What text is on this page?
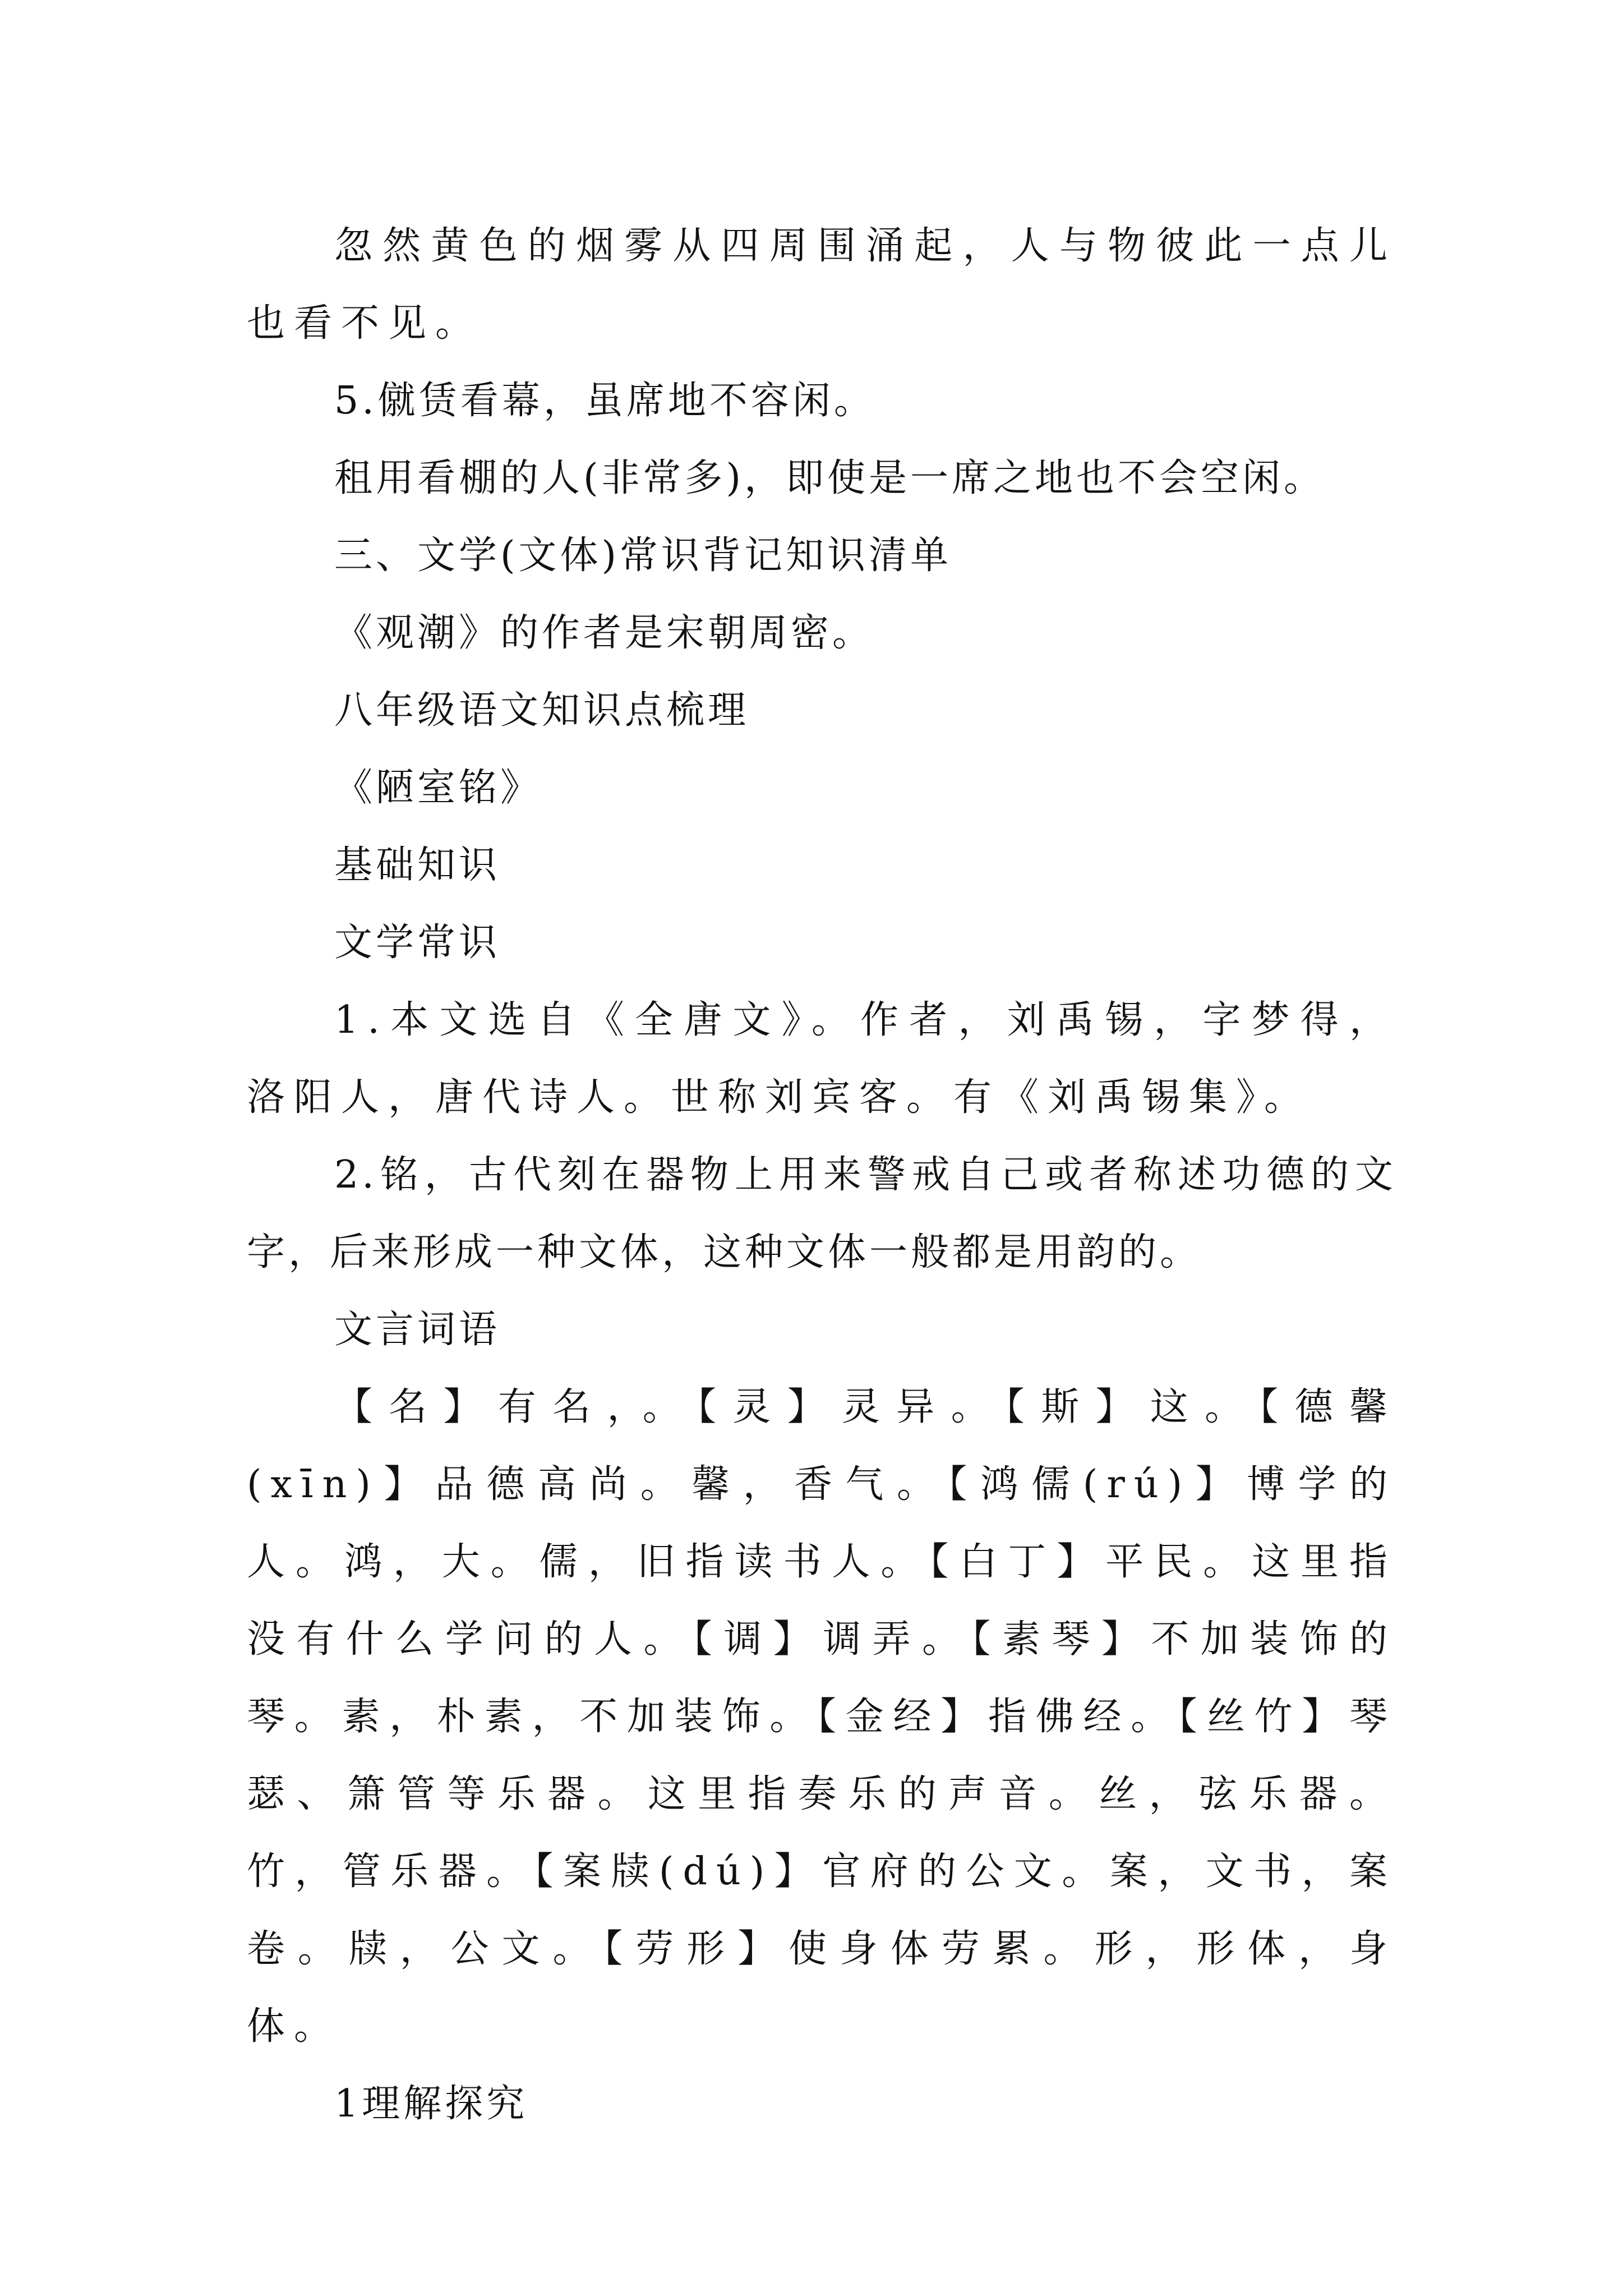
忽然黄色的烟雾从四周围涌起，人与物彼此一点儿也看不见。

5.僦赁看幕，虽席地不容闲。

租用看棚的人(非常多)，即使是一席之地也不会空闲。

三、文学(文体)常识背记知识清单

《观潮》的作者是宋朝周密。

八年级语文知识点梳理

《陋室铭》

基础知识

文学常识

1.本文选自《全唐文》。作者，刘禹锡，字梦得，洛阳人，唐代诗人。世称刘宾客。有《刘禹锡集》。

2.铭，古代刻在器物上用来警戒自己或者称述功德的文字，后来形成一种文体，这种文体一般都是用韵的。

文言词语

【名】有名，。【灵】灵异。【斯】这。【德馨(xīn)】品德高尚。馨，香气。【鸿儒(rú)】博学的人。鸿，大。儒，旧指读书人。【白丁】平民。这里指没有什么学问的人。【调】调弄。【素琴】不加装饰的琴。素，朴素，不加装饰。【金经】指佛经。【丝竹】琴瑟、箫管等乐器。这里指奏乐的声音。丝，弦乐器。竹，管乐器。【案牍(dú)】官府的公文。案，文书，案卷。牍，公文。【劳形】使身体劳累。形，形体，身体。

1理解探究
